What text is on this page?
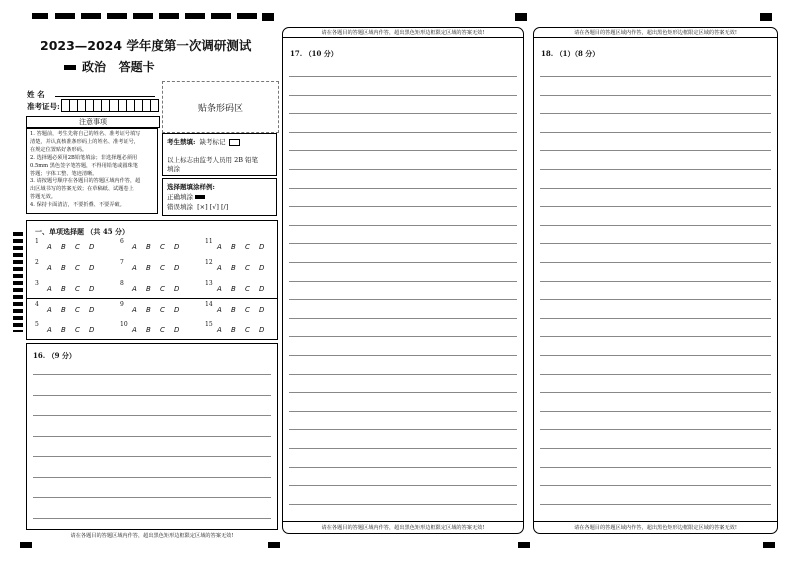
2023—2024 学年度第一次调研测试
政治 答题卡
姓 名
准考证号:
注意事项
1. 答题前，考生先将自己的姓名、准考证号填写
清楚，并认真核准条形码上的姓名、准考证号，
在规定位置贴好条形码。
2. 选择题必须用2B铅笔填涂；非选择题必须用
0.5mm 黑色签字笔答题，不得用铅笔或圆珠笔
答题；字体工整、笔迹清晰。
3. 请按题号顺序在各题目的答题区域内作答，超
出区域书写的答案无效；在草稿纸、试题卷上
答题无效。
4. 保持卡面清洁，不要折叠、不要弄破。
贴条形码区
考生禁填: 缺考标记
以上标志由监考人员用 2B 铅笔
填涂
选择题填涂样例:
正确填涂
错误填涂 [×] [√] [/]
一、单项选择题 （共 45 分）
1
A B C D
2
A B C D
3
A B C D
4
A B C D
5
A B C D
6
A B C D
7
A B C D
8
A B C D
9
A B C D
10
A B C D
11
A B C D
12
A B C D
13
A B C D
14
A B C D
15
A B C D
16. （9 分）
请在各题目的答题区域内作答，超出黑色矩形边框限定区域的答案无效!
请在各题目的答题区域内作答，超出黑色矩形边框限定区域的答案无效!
17. （10 分）
请在各题目的答题区域内作答，超出黑色矩形边框限定区域的答案无效!
请在各题目的答题区域内作答，超出黑色矩形边框限定区域的答案无效!
18. （1）（8 分）
请在各题目的答题区域内作答，超出黑色矩形边框限定区域的答案无效!
